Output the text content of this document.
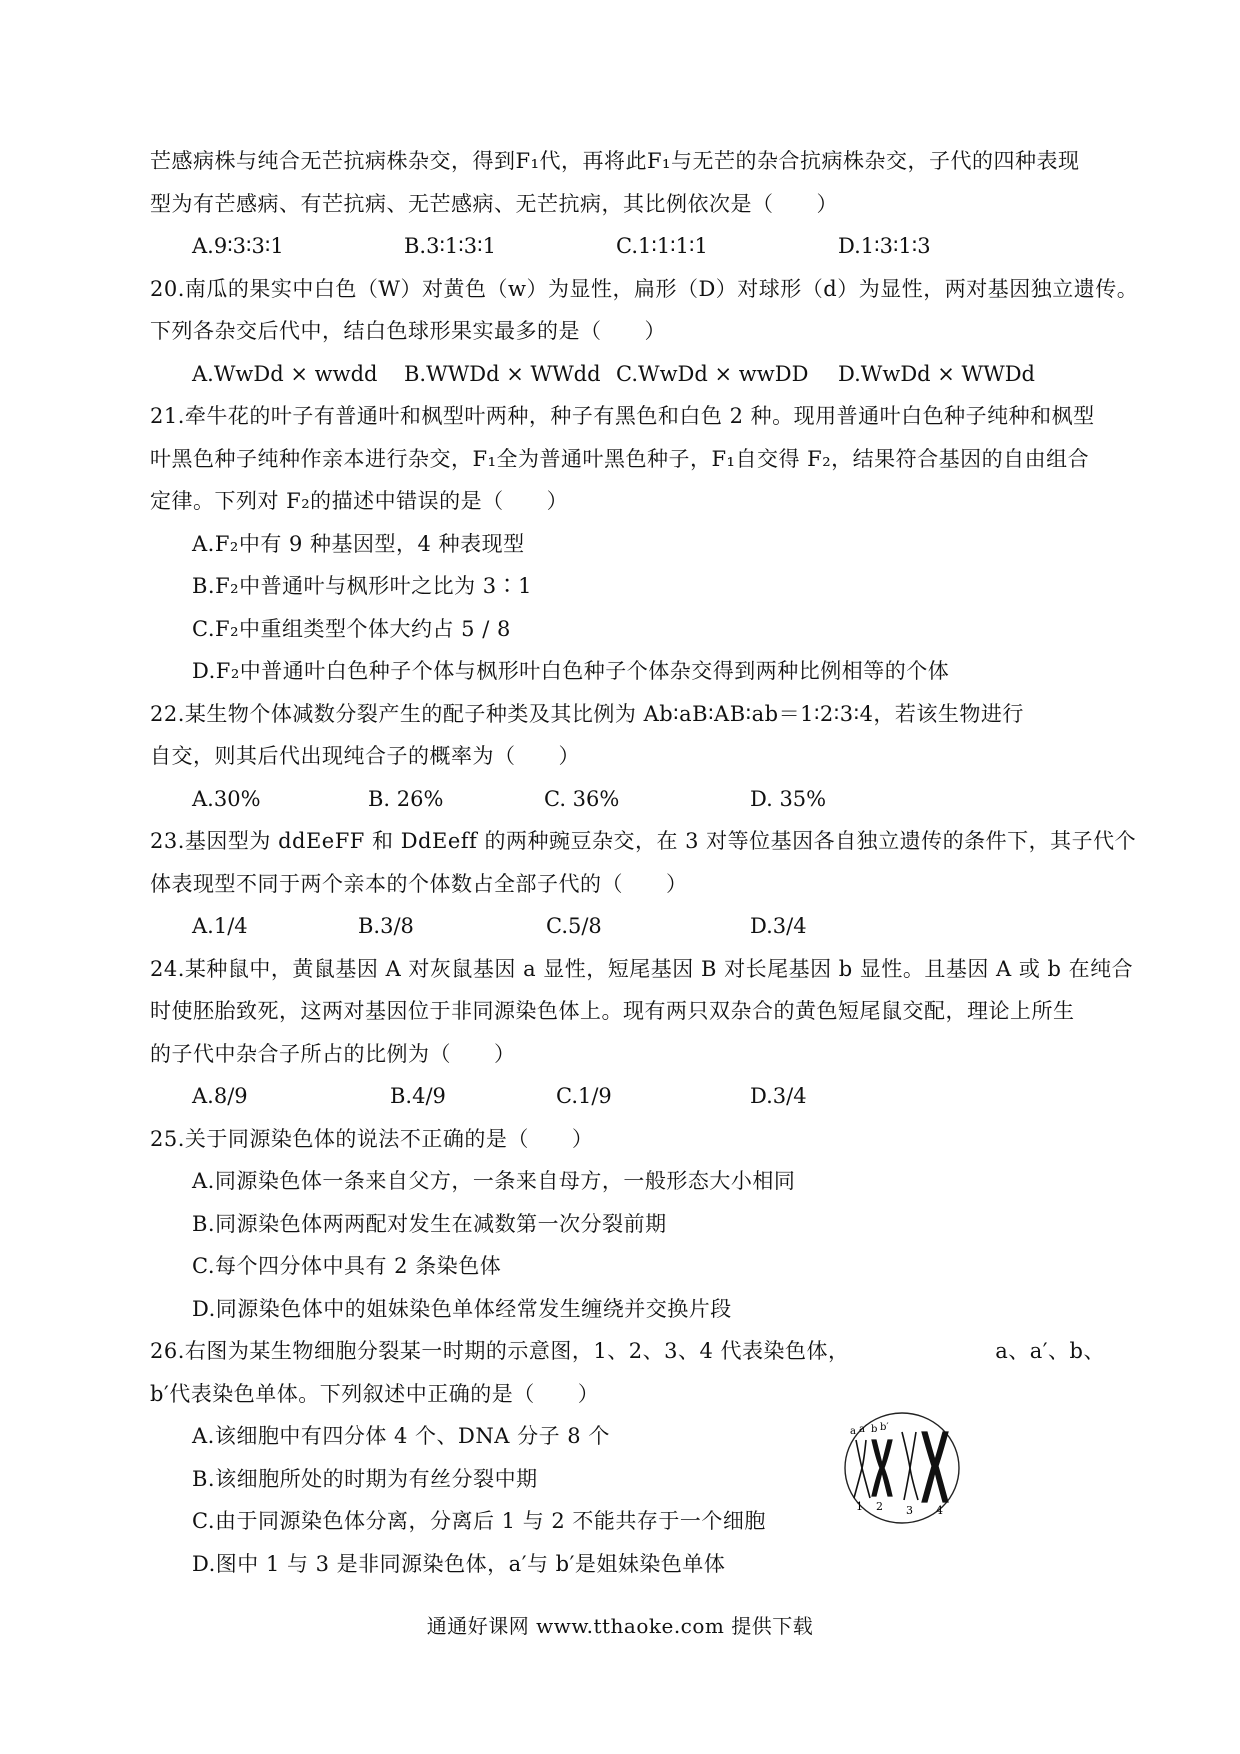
芒感病株与纯合无芒抗病株杂交，得到F₁代，再将此F₁与无芒的杂合抗病株杂交，子代的四种表现
型为有芒感病、有芒抗病、无芒感病、无芒抗病，其比例依次是（　　）
A.9∶3∶3∶1	B.3∶1∶3∶1	C.1∶1∶1∶1	D.1∶3∶1∶3
20.南瓜的果实中白色（W）对黄色（w）为显性，扁形（D）对球形（d）为显性，两对基因独立遗传。
下列各杂交后代中，结白色球形果实最多的是（　　）
A.WwDd × wwdd	B.WWDd × WWdd C.WwDd × wwDD	D.WwDd × WWDd
21.牵牛花的叶子有普通叶和枫型叶两种，种子有黑色和白色 2 种。现用普通叶白色种子纯种和枫型
叶黑色种子纯种作亲本进行杂交，F₁全为普通叶黑色种子，F₁自交得 F₂，结果符合基因的自由组合
定律。下列对 F₂的描述中错误的是（　　）
A.F₂中有 9 种基因型，4 种表现型
B.F₂中普通叶与枫形叶之比为 3∶1
C.F₂中重组类型个体大约占 5 / 8
D.F₂中普通叶白色种子个体与枫形叶白色种子个体杂交得到两种比例相等的个体
22.某生物个体减数分裂产生的配子种类及其比例为 Ab∶aB∶AB∶ab＝1∶2∶3∶4，若该生物进行
自交，则其后代出现纯合子的概率为（　　）
A.30%	B. 26%	C. 36%	D. 35%
23.基因型为 ddEeFF 和 DdEeff 的两种豌豆杂交，在 3 对等位基因各自独立遗传的条件下，其子代个
体表现型不同于两个亲本的个体数占全部子代的（　　）
A.1/4	B.3/8	C.5/8	D.3/4
24.某种鼠中，黄鼠基因 A 对灰鼠基因 a 显性，短尾基因 B 对长尾基因 b 显性。且基因 A 或 b 在纯合
时使胚胎致死，这两对基因位于非同源染色体上。现有两只双杂合的黄色短尾鼠交配，理论上所生
的子代中杂合子所占的比例为（　　）
A.8/9	B.4/9	C.1/9	D.3/4
25.关于同源染色体的说法不正确的是（　　）
A.同源染色体一条来自父方，一条来自母方，一般形态大小相同
B.同源染色体两两配对发生在减数第一次分裂前期
C.每个四分体中具有 2 条染色体
D.同源染色体中的姐妹染色单体经常发生缠绕并交换片段
26.右图为某生物细胞分裂某一时期的示意图，1、2、3、4 代表染色体，	a、a′、b、
b′代表染色单体。下列叙述中正确的是（　　）
A.该细胞中有四分体 4 个、DNA 分子 8 个
B.该细胞所处的时期为有丝分裂中期
C.由于同源染色体分离，分离后 1 与 2 不能共存于一个细胞
D.图中 1 与 3 是非同源染色体，a′与 b′是姐妹染色单体
a a′ b b′
1 2 3 4
通通好课网 www.tthaoke.com 提供下载
